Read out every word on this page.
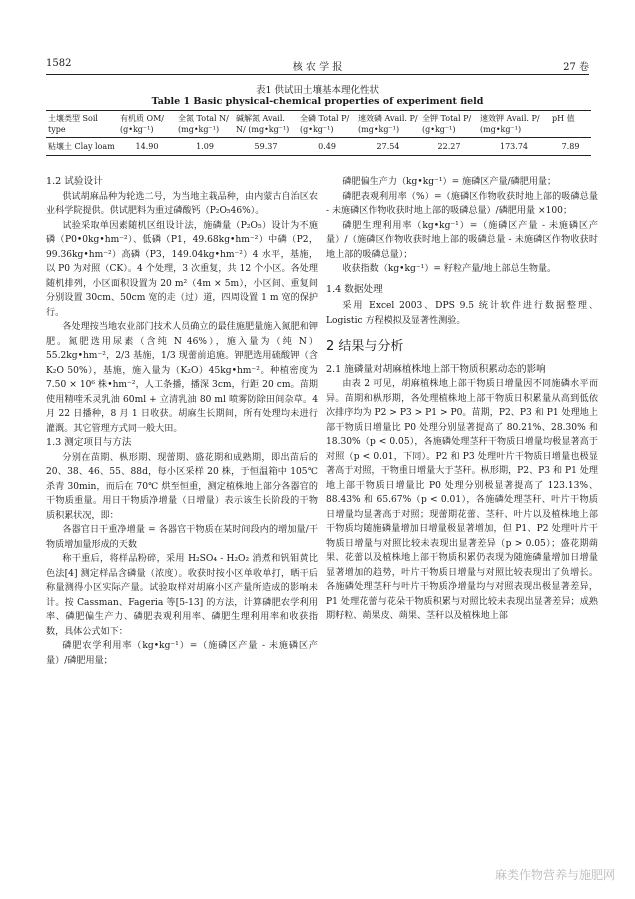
1582	核 农 学 报	27 卷
表1 供试田土壤基本理化性状
Table 1 Basic physical-chemical properties of experiment field
土壤类型 Soil type	有机质 OM/ (g•kg⁻¹)	全氮 Total N/ (mg•kg⁻¹)	碱解氮 Avail. N/ (mg•kg⁻¹)	全磷 Total P/ (g•kg⁻¹)	速效磷 Avail. P/ (mg•kg⁻¹)	全钾 Total P/ (g•kg⁻¹)	速效钾 Avail. P/ (mg•kg⁻¹)	pH 值
粘壤土 Clay loam	14.90	1.09	59.37	0.49	27.54	22.27	173.74	7.89

1.2 试验设计

供试胡麻品种为轮选二号，为当地主栽品种，由内蒙古自治区农业科学院提供。供试肥料为重过磷酸钙（P₂O₅46%）。

试验采取单因素随机区组设计法，施磷量（P₂O₅）设计为不施磷（P0•0kg•hm⁻²）、低磷（P1，49.68kg•hm⁻²）中磷（P2，99.36kg•hm⁻²）高磷（P3，149.04kg•hm⁻²）4 水平，基施，以 P0 为对照（CK）。4 个处理，3 次重复，共 12 个小区。各处理随机排列，小区面积设置为 20 m²（4m × 5m），小区间、重复间分别设置 30cm、50cm 宽的走（过）道，四周设置 1 m 宽的保护行。

各处理按当地农业部门技术人员确立的最佳施肥量施入氮肥和钾肥。氮肥选用尿素（含纯 N 46%），施入量为（纯 N）55.2kg•hm⁻²，2/3 基施，1/3 现蕾前追施。钾肥选用硫酸钾（含 K₂O 50%），基施，施入量为（K₂O）45kg•hm⁻²。种植密度为 7.50 × 10⁶ 株•hm⁻²，人工条播，播深 3cm，行距 20 cm。苗期使用精喹禾灵乳油 60ml + 立清乳油 80 ml 喷雾防除田间杂草。4 月 22 日播种，8 月 1 日收获。胡麻生长期间，所有处理均未进行灌溉。其它管理方式同一般大田。

1.3 测定项目与方法

分别在苗期、枞形期、现蕾期、盛花期和成熟期，即出苗后的 20、38、46、55、88d，每小区采样 20 株，于恒温箱中 105℃ 杀青 30min，而后在 70℃ 烘至恒重，测定植株地上部分各器官的干物质重量。用日干物质净增量（日增量）表示该生长阶段的干物质积累状况，即：

各器官日干重净增量 = 各器官干物质在某时间段内的增加量/干物质增加量形成的天数

称干重后，将样品粉碎，采用 H₂SO₄ - H₂O₂ 消煮和钒钼黄比色法[4] 测定样品含磷量（浓度）。收获时按小区单收单打，晒干后称量测得小区实际产量。试验取样对胡麻小区产量所造成的影响未计。按 Cassman、Fageria 等[5-13] 的方法，计算磷肥农学利用率、磷肥偏生产力、磷肥表观利用率、磷肥生理利用率和收获指数，具体公式如下：

磷肥农学利用率（kg•kg⁻¹）=（施磷区产量 - 未施磷区产量）/磷肥用量；

磷肥偏生产力（kg•kg⁻¹）= 施磷区产量/磷肥用量；

磷肥表观利用率（%）=（施磷区作物收获时地上部的吸磷总量 - 未施磷区作物收获时地上部的吸磷总量）/磷肥用量 ×100；

磷肥生理利用率（kg•kg⁻¹）=（施磷区产量 - 未施磷区产量）/（施磷区作物收获时地上部的吸磷总量 - 未施磷区作物收获时地上部的吸磷总量）；

收获指数（kg•kg⁻¹）= 籽粒产量/地上部总生物量。

1.4 数据处理

采用 Excel 2003、DPS 9.5 统计软件进行数据整理、Logistic 方程模拟及显著性测验。

2 结果与分析

2.1 施磷量对胡麻植株地上部干物质积累动态的影响

由表 2 可见，胡麻植株地上部干物质日增量因不同施磷水平而异。苗期和枞形期，各处理植株地上部干物质日积累量从高到低依次排序均为 P2 > P3 > P1 > P0。苗期，P2、P3 和 P1 处理地上部干物质日增量比 P0 处理分别显著提高了 80.21%、28.30% 和 18.30%（p < 0.05），各施磷处理茎秆干物质日增量均极显著高于对照（p < 0.01，下同）。P2 和 P3 处理叶片干物质日增量也极显著高于对照，干物重日增量大于茎秆。枞形期，P2、P3 和 P1 处理地上部干物质日增量比 P0 处理分别极显著提高了 123.13%、88.43% 和 65.67%（p < 0.01），各施磷处理茎秆、叶片干物质日增量均显著高于对照；现蕾期花蕾、茎秆、叶片以及植株地上部干物质均随施磷量增加日增量极显著增加，但 P1、P2 处理叶片干物质日增量与对照比较未表现出显著差异（p > 0.05）；盛花期蒴果、花蕾以及植株地上部干物质积累仍表现为随施磷量增加日增量显著增加的趋势，叶片干物质日增量与对照比较表现出了负增长。各施磷处理茎秆与叶片干物质净增量均与对照表现出极显著差异，P1 处理花蕾与花朵干物质积累与对照比较未表现出显著差异；成熟期籽粒、蒴果皮、蒴果、茎秆以及植株地上部

麻类作物营养与施肥网
